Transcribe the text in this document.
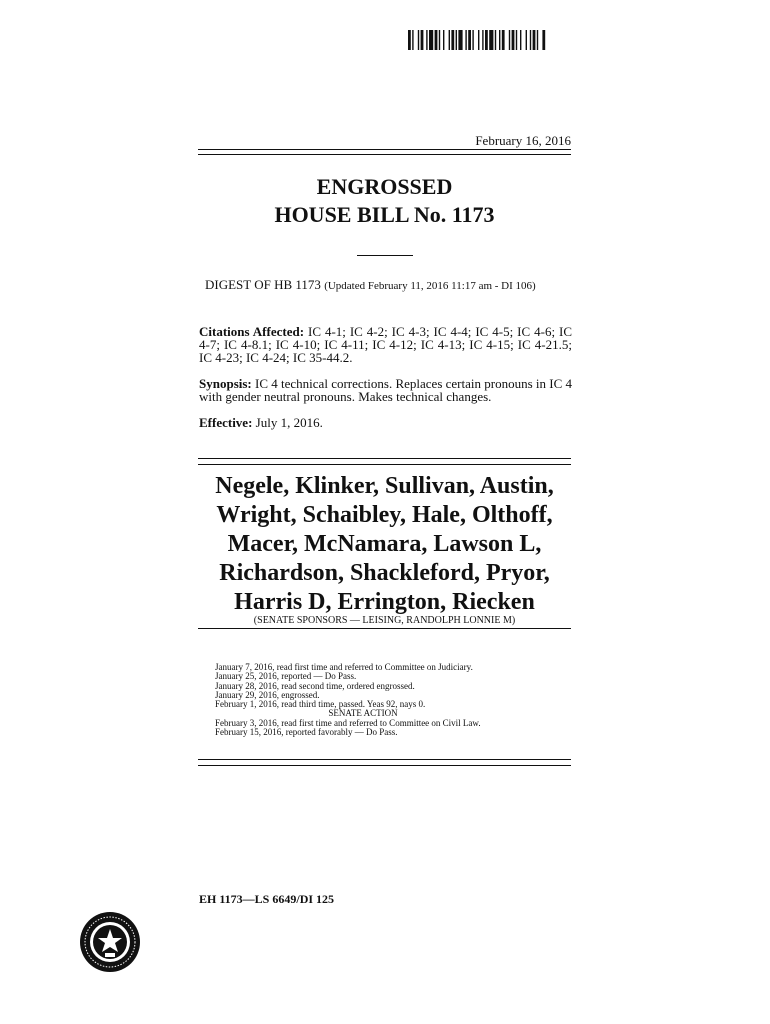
February 16, 2016
ENGROSSED
HOUSE BILL No. 1173
DIGEST OF HB 1173 (Updated February 11, 2016 11:17 am - DI 106)
Citations Affected: IC 4-1; IC 4-2; IC 4-3; IC 4-4; IC 4-5; IC 4-6; IC 4-7; IC 4-8.1; IC 4-10; IC 4-11; IC 4-12; IC 4-13; IC 4-15; IC 4-21.5; IC 4-23; IC 4-24; IC 35-44.2.
Synopsis: IC 4 technical corrections. Replaces certain pronouns in IC 4 with gender neutral pronouns. Makes technical changes.
Effective: July 1, 2016.
Negele, Klinker, Sullivan, Austin,
Wright, Schaibley, Hale, Olthoff,
Macer, McNamara, Lawson L,
Richardson, Shackleford, Pryor,
Harris D, Errington, Riecken
(SENATE SPONSORS — LEISING, RANDOLPH LONNIE M)
January 7, 2016, read first time and referred to Committee on Judiciary.
January 25, 2016, reported — Do Pass.
January 28, 2016, read second time, ordered engrossed.
January 29, 2016, engrossed.
February 1, 2016, read third time, passed. Yeas 92, nays 0.
SENATE ACTION
February 3, 2016, read first time and referred to Committee on Civil Law.
February 15, 2016, reported favorably — Do Pass.
EH 1173—LS 6649/DI 125
